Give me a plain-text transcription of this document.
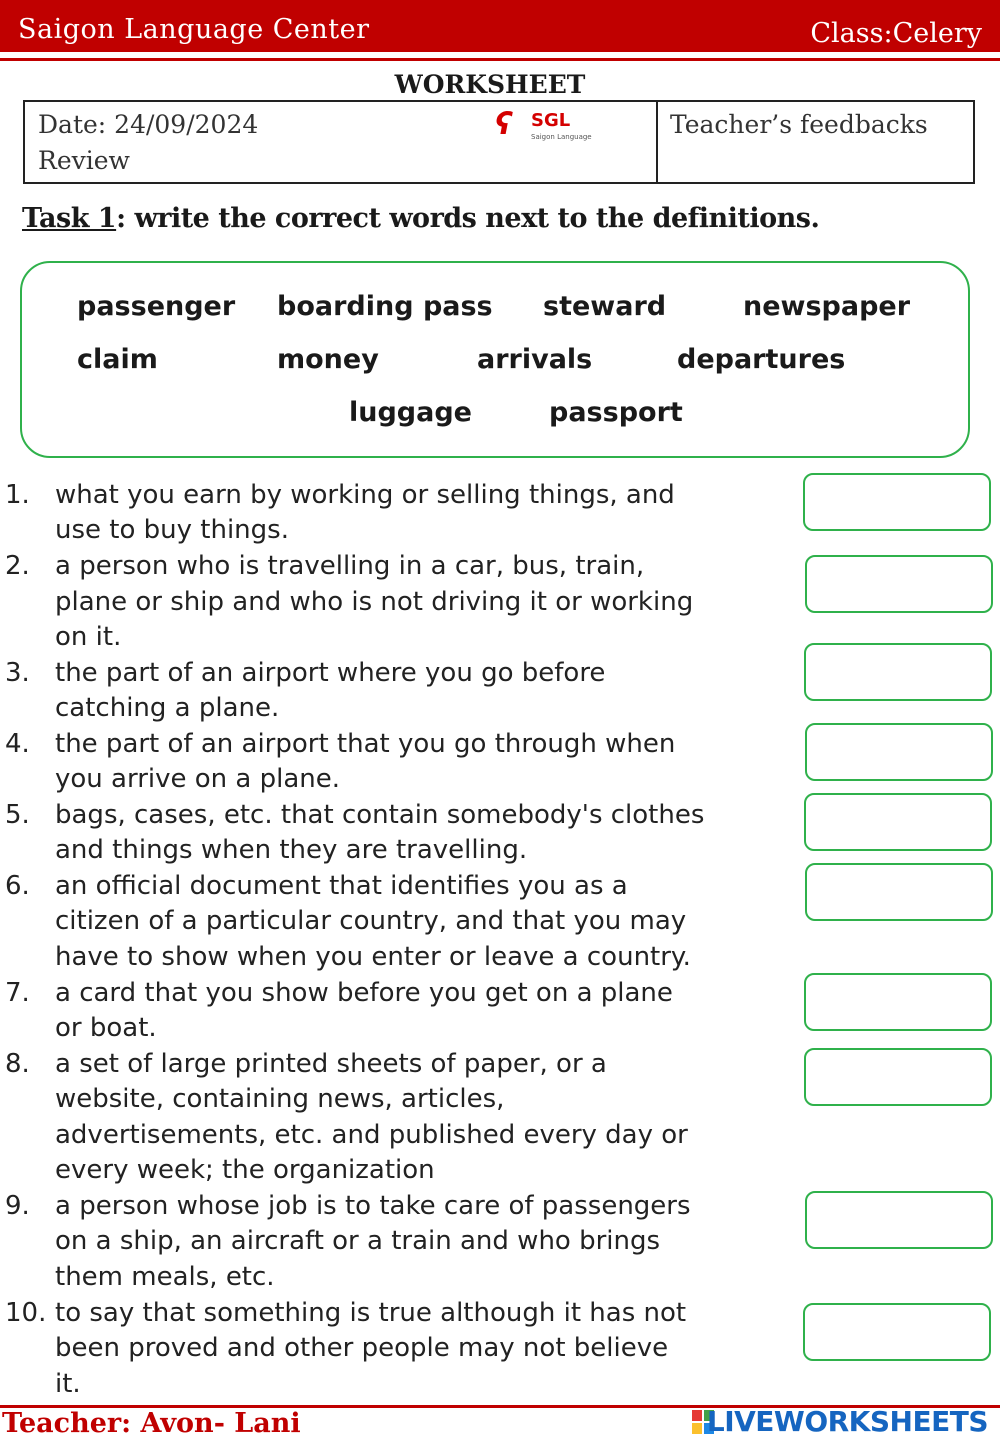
Saigon Language Center	Class:Celery
WORKSHEET
Date: 24/09/2024
Review
ʕ SGL
Saigon Language	Teacher’s feedbacks
Task 1: write the correct words next to the definitions.
passenger boarding pass steward	newspaper
claim	money	arrivals	departures
luggage	passport
1. what you earn by working or selling things, and
use to buy things.
2. a person who is travelling in a car, bus, train,
plane or ship and who is not driving it or working
on it.
3. the part of an airport where you go before
catching a plane.
4. the part of an airport that you go through when
you arrive on a plane.
5. bags, cases, etc. that contain somebody's clothes
and things when they are travelling.
6. an official document that identifies you as a
citizen of a particular country, and that you may
have to show when you enter or leave a country.
7. a card that you show before you get on a plane
or boat.
8. a set of large printed sheets of paper, or a
website, containing news, articles,
advertisements, etc. and published every day or
every week; the organization
9. a person whose job is to take care of passengers
on a ship, an aircraft or a train and who brings
them meals, etc.
10. to say that something is true although it has not
been proved and other people may not believe
it.
Teacher: Avon- Lani	LIVEWORKSHEETS
